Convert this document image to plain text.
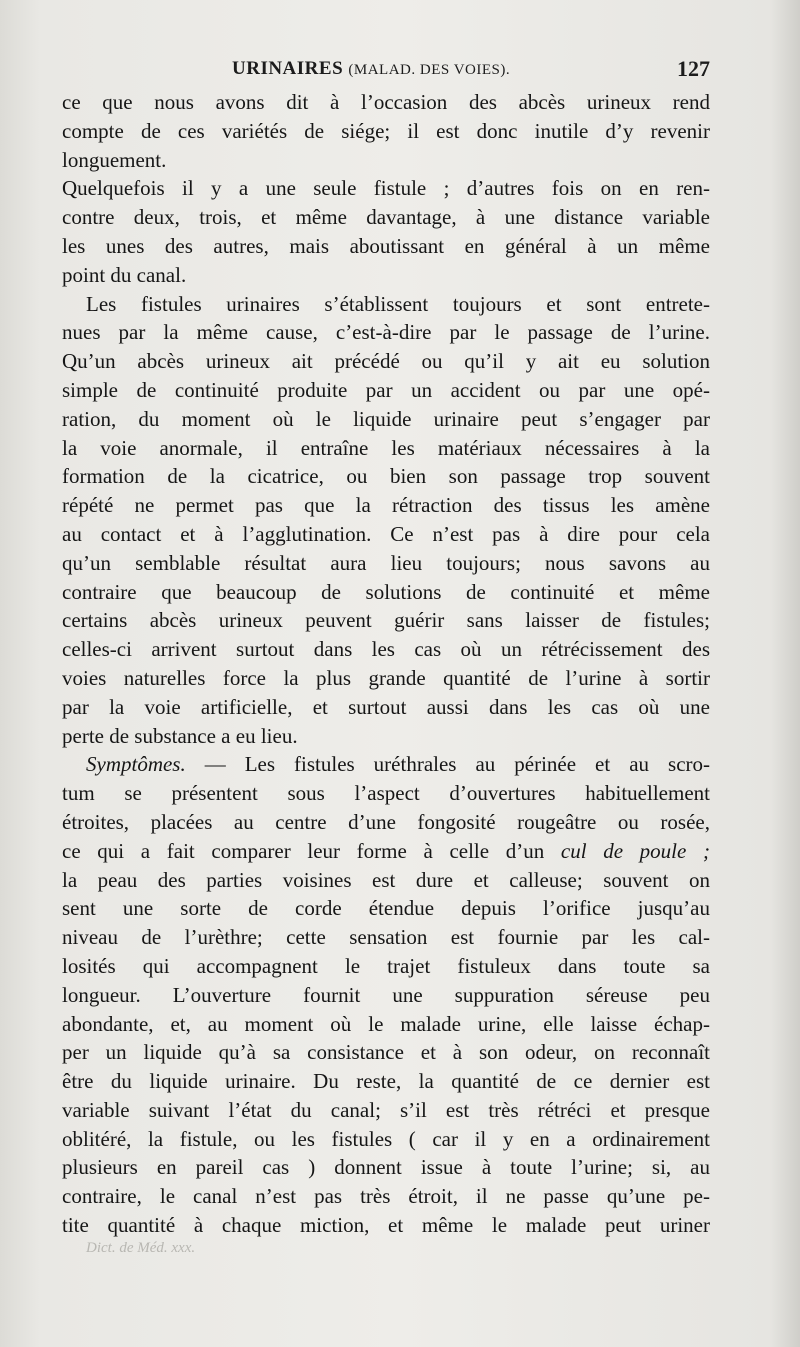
URINAIRES (MALAD. DES VOIES).	127
ce que nous avons dit à l’occasion des abcès urineux rend
compte de ces variétés de siége; il est donc inutile d’y revenir
longuement.
Quelquefois il y a une seule fistule ; d’autres fois on en ren-
contre deux, trois, et même davantage, à une distance variable
les unes des autres, mais aboutissant en général à un même
point du canal.
Les fistules urinaires s’établissent toujours et sont entrete-
nues par la même cause, c’est-à-dire par le passage de l’urine.
Qu’un abcès urineux ait précédé ou qu’il y ait eu solution
simple de continuité produite par un accident ou par une opé-
ration, du moment où le liquide urinaire peut s’engager par
la voie anormale, il entraîne les matériaux nécessaires à la
formation de la cicatrice, ou bien son passage trop souvent
répété ne permet pas que la rétraction des tissus les amène
au contact et à l’agglutination. Ce n’est pas à dire pour cela
qu’un semblable résultat aura lieu toujours; nous savons au
contraire que beaucoup de solutions de continuité et même
certains abcès urineux peuvent guérir sans laisser de fistules;
celles-ci arrivent surtout dans les cas où un rétrécissement des
voies naturelles force la plus grande quantité de l’urine à sortir
par la voie artificielle, et surtout aussi dans les cas où une
perte de substance a eu lieu.
Symptômes. — Les fistules uréthrales au périnée et au scro-
tum se présentent sous l’aspect d’ouvertures habituellement
étroites, placées au centre d’une fongosité rougeâtre ou rosée,
ce qui a fait comparer leur forme à celle d’un cul de poule ;
la peau des parties voisines est dure et calleuse; souvent on
sent une sorte de corde étendue depuis l’orifice jusqu’au
niveau de l’urèthre; cette sensation est fournie par les cal-
losités qui accompagnent le trajet fistuleux dans toute sa
longueur. L’ouverture fournit une suppuration séreuse peu
abondante, et, au moment où le malade urine, elle laisse échap-
per un liquide qu’à sa consistance et à son odeur, on reconnaît
être du liquide urinaire. Du reste, la quantité de ce dernier est
variable suivant l’état du canal; s’il est très rétréci et presque
oblitéré, la fistule, ou les fistules ( car il y en a ordinairement
plusieurs en pareil cas ) donnent issue à toute l’urine; si, au
contraire, le canal n’est pas très étroit, il ne passe qu’une pe-
tite quantité à chaque miction, et même le malade peut uriner
Dict. de Méd. xxx.
